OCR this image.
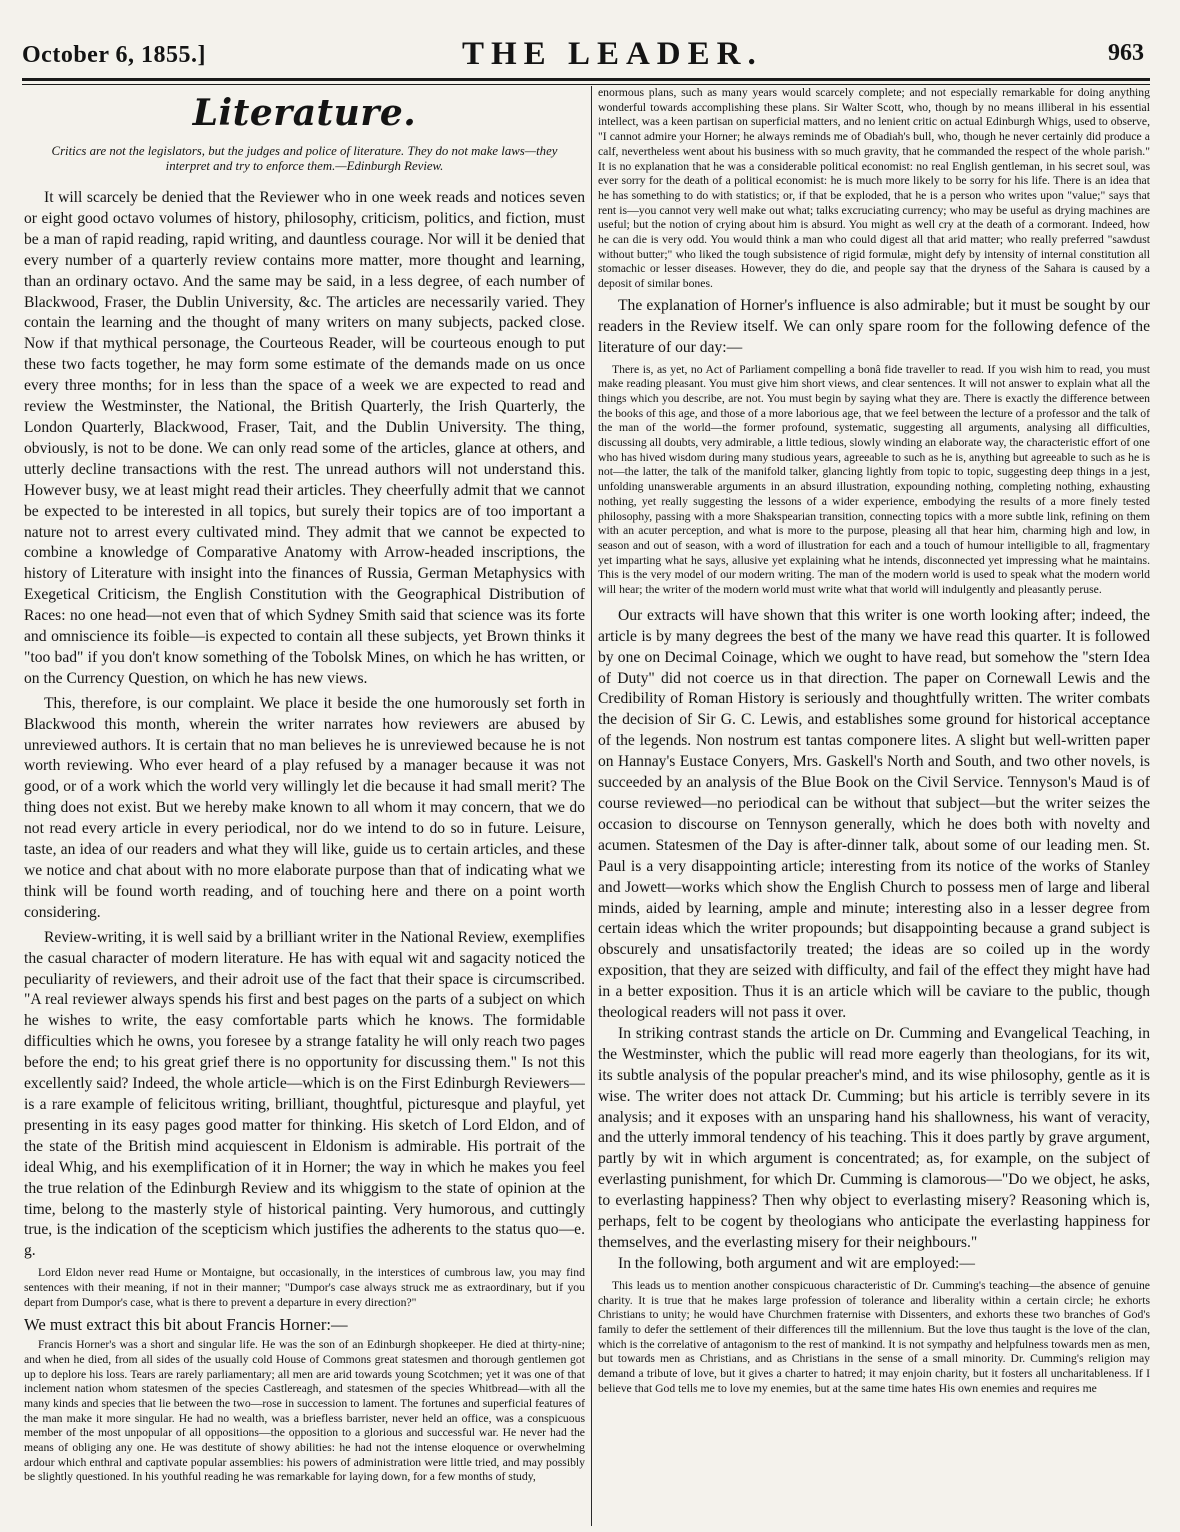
October 6, 1855.]	THE LEADER.	963
Literature.
Critics are not the legislators, but the judges and police of literature. They do not make laws—they interpret and try to enforce them.—Edinburgh Review.

It will scarcely be denied that the Reviewer who in one week reads and notices seven or eight good octavo volumes of history, philosophy, criticism, politics, and fiction, must be a man of rapid reading, rapid writing, and dauntless courage. Nor will it be denied that every number of a quarterly review contains more matter, more thought and learning, than an ordinary octavo. And the same may be said, in a less degree, of each number of Blackwood, Fraser, the Dublin University, &c. The articles are necessarily varied. They contain the learning and the thought of many writers on many subjects, packed close. Now if that mythical personage, the Courteous Reader, will be courteous enough to put these two facts together, he may form some estimate of the demands made on us once every three months; for in less than the space of a week we are expected to read and review the Westminster, the National, the British Quarterly, the Irish Quarterly, the London Quarterly, Blackwood, Fraser, Tait, and the Dublin University. The thing, obviously, is not to be done. We can only read some of the articles, glance at others, and utterly decline transactions with the rest. The unread authors will not understand this. However busy, we at least might read their articles. They cheerfully admit that we cannot be expected to be interested in all topics, but surely their topics are of too important a nature not to arrest every cultivated mind. They admit that we cannot be expected to combine a knowledge of Comparative Anatomy with Arrow-headed inscriptions, the history of Literature with insight into the finances of Russia, German Metaphysics with Exegetical Criticism, the English Constitution with the Geographical Distribution of Races: no one head—not even that of which Sydney Smith said that science was its forte and omniscience its foible—is expected to contain all these subjects, yet Brown thinks it "too bad" if you don't know something of the Tobolsk Mines, on which he has written, or on the Currency Question, on which he has new views.

This, therefore, is our complaint. We place it beside the one humorously set forth in Blackwood this month, wherein the writer narrates how reviewers are abused by unreviewed authors. It is certain that no man believes he is unreviewed because he is not worth reviewing. Who ever heard of a play refused by a manager because it was not good, or of a work which the world very willingly let die because it had small merit? The thing does not exist. But we hereby make known to all whom it may concern, that we do not read every article in every periodical, nor do we intend to do so in future. Leisure, taste, an idea of our readers and what they will like, guide us to certain articles, and these we notice and chat about with no more elaborate purpose than that of indicating what we think will be found worth reading, and of touching here and there on a point worth considering.

Review-writing, it is well said by a brilliant writer in the National Review, exemplifies the casual character of modern literature. He has with equal wit and sagacity noticed the peculiarity of reviewers, and their adroit use of the fact that their space is circumscribed. "A real reviewer always spends his first and best pages on the parts of a subject on which he wishes to write, the easy comfortable parts which he knows. The formidable difficulties which he owns, you foresee by a strange fatality he will only reach two pages before the end; to his great grief there is no opportunity for discussing them." Is not this excellently said? Indeed, the whole article—which is on the First Edinburgh Reviewers—is a rare example of felicitous writing, brilliant, thoughtful, picturesque and playful, yet presenting in its easy pages good matter for thinking. His sketch of Lord Eldon, and of the state of the British mind acquiescent in Eldonism is admirable. His portrait of the ideal Whig, and his exemplification of it in Horner; the way in which he makes you feel the true relation of the Edinburgh Review and its whiggism to the state of opinion at the time, belong to the masterly style of historical painting. Very humorous, and cuttingly true, is the indication of the scepticism which justifies the adherents to the status quo—e. g.

Lord Eldon never read Hume or Montaigne, but occasionally, in the interstices of cumbrous law, you may find sentences with their meaning, if not in their manner; "Dumpor's case always struck me as extraordinary, but if you depart from Dumpor's case, what is there to prevent a departure in every direction?"

We must extract this bit about Francis Horner:—

Francis Horner's was a short and singular life. He was the son of an Edinburgh shopkeeper. He died at thirty-nine; and when he died, from all sides of the usually cold House of Commons great statesmen and thorough gentlemen got up to deplore his loss. Tears are rarely parliamentary; all men are arid towards young Scotchmen; yet it was one of that inclement nation whom statesmen of the species Castlereagh, and statesmen of the species Whitbread—with all the many kinds and species that lie between the two—rose in succession to lament. The fortunes and superficial features of the man make it more singular. He had no wealth, was a briefless barrister, never held an office, was a conspicuous member of the most unpopular of all oppositions—the opposition to a glorious and successful war. He never had the means of obliging any one. He was destitute of showy abilities: he had not the intense eloquence or overwhelming ardour which enthral and captivate popular assemblies: his powers of administration were little tried, and may possibly be slightly questioned. In his youthful reading he was remarkable for laying down, for a few months of study,

enormous plans, such as many years would scarcely complete; and not especially remarkable for doing anything wonderful towards accomplishing these plans. Sir Walter Scott, who, though by no means illiberal in his essential intellect, was a keen partisan on superficial matters, and no lenient critic on actual Edinburgh Whigs, used to observe, "I cannot admire your Horner; he always reminds me of Obadiah's bull, who, though he never certainly did produce a calf, nevertheless went about his business with so much gravity, that he commanded the respect of the whole parish." It is no explanation that he was a considerable political economist: no real English gentleman, in his secret soul, was ever sorry for the death of a political economist: he is much more likely to be sorry for his life. There is an idea that he has something to do with statistics; or, if that be exploded, that he is a person who writes upon "value;" says that rent is—you cannot very well make out what; talks excruciating currency; who may be useful as drying machines are useful; but the notion of crying about him is absurd. You might as well cry at the death of a cormorant. Indeed, how he can die is very odd. You would think a man who could digest all that arid matter; who really preferred "sawdust without butter;" who liked the tough subsistence of rigid formulæ, might defy by intensity of internal constitution all stomachic or lesser diseases. However, they do die, and people say that the dryness of the Sahara is caused by a deposit of similar bones.

The explanation of Horner's influence is also admirable; but it must be sought by our readers in the Review itself. We can only spare room for the following defence of the literature of our day:—

There is, as yet, no Act of Parliament compelling a bonâ fide traveller to read. If you wish him to read, you must make reading pleasant. You must give him short views, and clear sentences. It will not answer to explain what all the things which you describe, are not. You must begin by saying what they are. There is exactly the difference between the books of this age, and those of a more laborious age, that we feel between the lecture of a professor and the talk of the man of the world—the former profound, systematic, suggesting all arguments, analysing all difficulties, discussing all doubts, very admirable, a little tedious, slowly winding an elaborate way, the characteristic effort of one who has hived wisdom during many studious years, agreeable to such as he is, anything but agreeable to such as he is not—the latter, the talk of the manifold talker, glancing lightly from topic to topic, suggesting deep things in a jest, unfolding unanswerable arguments in an absurd illustration, expounding nothing, completing nothing, exhausting nothing, yet really suggesting the lessons of a wider experience, embodying the results of a more finely tested philosophy, passing with a more Shakspearian transition, connecting topics with a more subtle link, refining on them with an acuter perception, and what is more to the purpose, pleasing all that hear him, charming high and low, in season and out of season, with a word of illustration for each and a touch of humour intelligible to all, fragmentary yet imparting what he says, allusive yet explaining what he intends, disconnected yet impressing what he maintains. This is the very model of our modern writing. The man of the modern world is used to speak what the modern world will hear; the writer of the modern world must write what that world will indulgently and pleasantly peruse.

Our extracts will have shown that this writer is one worth looking after; indeed, the article is by many degrees the best of the many we have read this quarter. It is followed by one on Decimal Coinage, which we ought to have read, but somehow the "stern Idea of Duty" did not coerce us in that direction. The paper on Cornewall Lewis and the Credibility of Roman History is seriously and thoughtfully written. The writer combats the decision of Sir G. C. Lewis, and establishes some ground for historical acceptance of the legends. Non nostrum est tantas componere lites. A slight but well-written paper on Hannay's Eustace Conyers, Mrs. Gaskell's North and South, and two other novels, is succeeded by an analysis of the Blue Book on the Civil Service. Tennyson's Maud is of course reviewed—no periodical can be without that subject—but the writer seizes the occasion to discourse on Tennyson generally, which he does both with novelty and acumen. Statesmen of the Day is after-dinner talk, about some of our leading men. St. Paul is a very disappointing article; interesting from its notice of the works of Stanley and Jowett—works which show the English Church to possess men of large and liberal minds, aided by learning, ample and minute; interesting also in a lesser degree from certain ideas which the writer propounds; but disappointing because a grand subject is obscurely and unsatisfactorily treated; the ideas are so coiled up in the wordy exposition, that they are seized with difficulty, and fail of the effect they might have had in a better exposition. Thus it is an article which will be caviare to the public, though theological readers will not pass it over.

In striking contrast stands the article on Dr. Cumming and Evangelical Teaching, in the Westminster, which the public will read more eagerly than theologians, for its wit, its subtle analysis of the popular preacher's mind, and its wise philosophy, gentle as it is wise. The writer does not attack Dr. Cumming; but his article is terribly severe in its analysis; and it exposes with an unsparing hand his shallowness, his want of veracity, and the utterly immoral tendency of his teaching. This it does partly by grave argument, partly by wit in which argument is concentrated; as, for example, on the subject of everlasting punishment, for which Dr. Cumming is clamorous—"Do we object, he asks, to everlasting happiness? Then why object to everlasting misery? Reasoning which is, perhaps, felt to be cogent by theologians who anticipate the everlasting happiness for themselves, and the everlasting misery for their neighbours."

In the following, both argument and wit are employed:—

This leads us to mention another conspicuous characteristic of Dr. Cumming's teaching—the absence of genuine charity. It is true that he makes large profession of tolerance and liberality within a certain circle; he exhorts Christians to unity; he would have Churchmen fraternise with Dissenters, and exhorts these two branches of God's family to defer the settlement of their differences till the millennium. But the love thus taught is the love of the clan, which is the correlative of antagonism to the rest of mankind. It is not sympathy and helpfulness towards men as men, but towards men as Christians, and as Christians in the sense of a small minority. Dr. Cumming's religion may demand a tribute of love, but it gives a charter to hatred; it may enjoin charity, but it fosters all uncharitableness. If I believe that God tells me to love my enemies, but at the same time hates His own enemies and requires me
